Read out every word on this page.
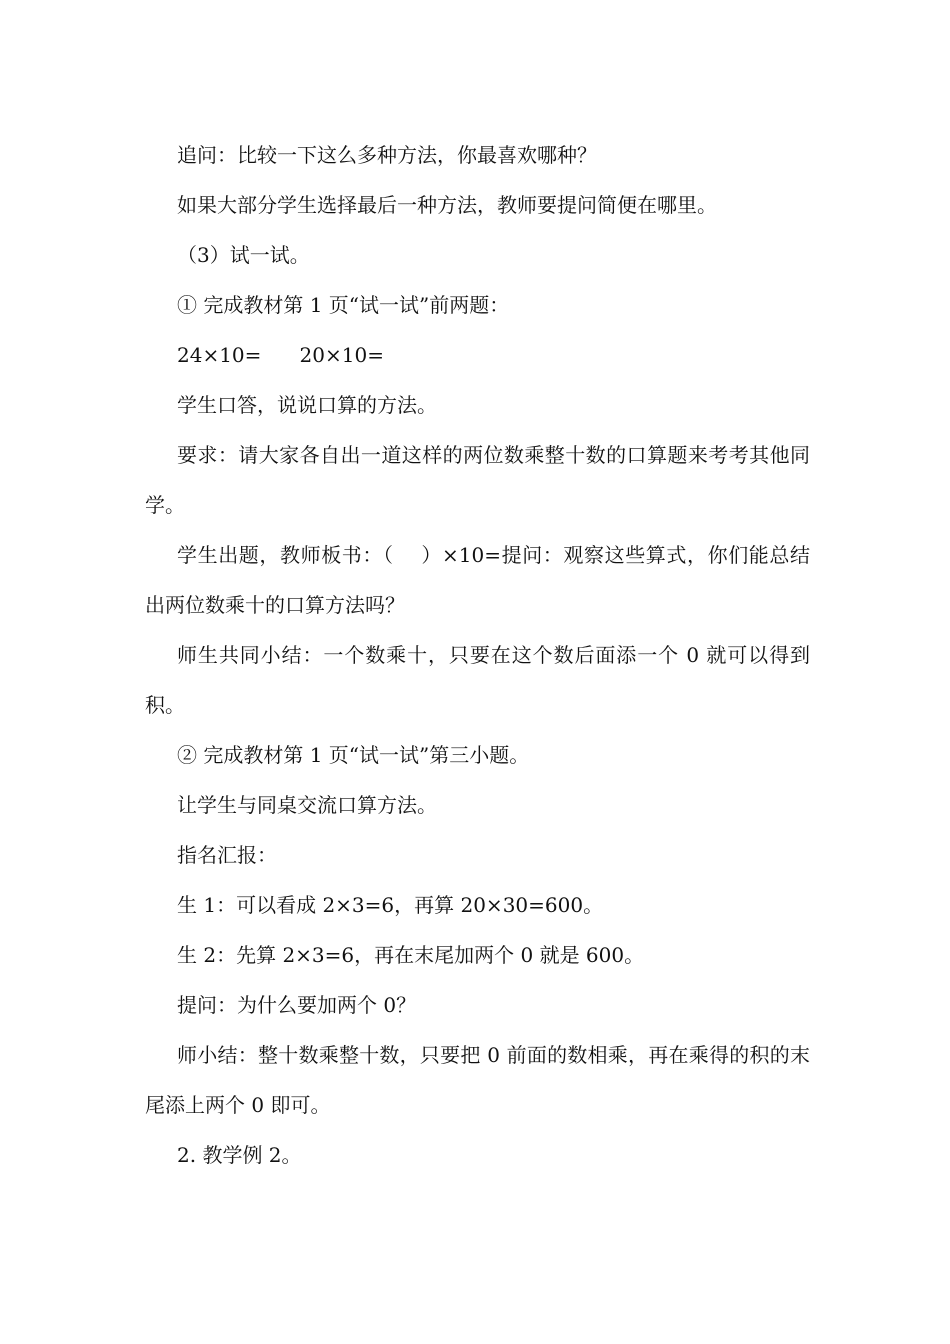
追问：比较一下这么多种方法，你最喜欢哪种？

如果大部分学生选择最后一种方法，教师要提问简便在哪里。

（3）试一试。

① 完成教材第 1 页“试一试”前两题：

24×10=      20×10=

学生口答，说说口算的方法。

要求：请大家各自出一道这样的两位数乘整十数的口算题来考考其他同学。

学生出题，教师板书：（    ）×10=提问：观察这些算式，你们能总结出两位数乘十的口算方法吗？

师生共同小结：一个数乘十，只要在这个数后面添一个 0 就可以得到积。

② 完成教材第 1 页“试一试”第三小题。

让学生与同桌交流口算方法。

指名汇报：

生 1：可以看成 2×3=6，再算 20×30=600。

生 2：先算 2×3=6，再在末尾加两个 0 就是 600。

提问：为什么要加两个 0？

师小结：整十数乘整十数，只要把 0 前面的数相乘，再在乘得的积的末尾添上两个 0 即可。

2. 教学例 2。
